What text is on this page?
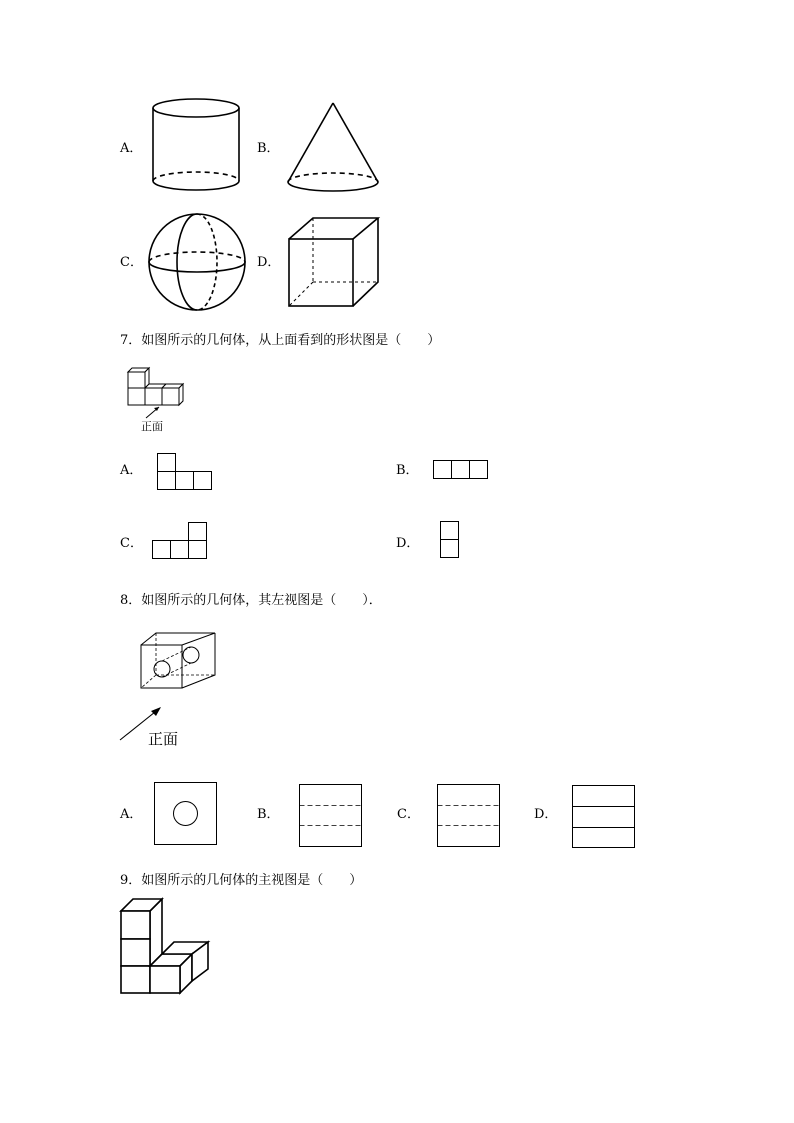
A．	B．
C．	D．
7．如图所示的几何体，从上面看到的形状图是（　　）
正面
A．	B．
C．	D．
8．如图所示的几何体，其左视图是（　　）．
正面
A．	B．	C．	D．
9．如图所示的几何体的主视图是（　　）
